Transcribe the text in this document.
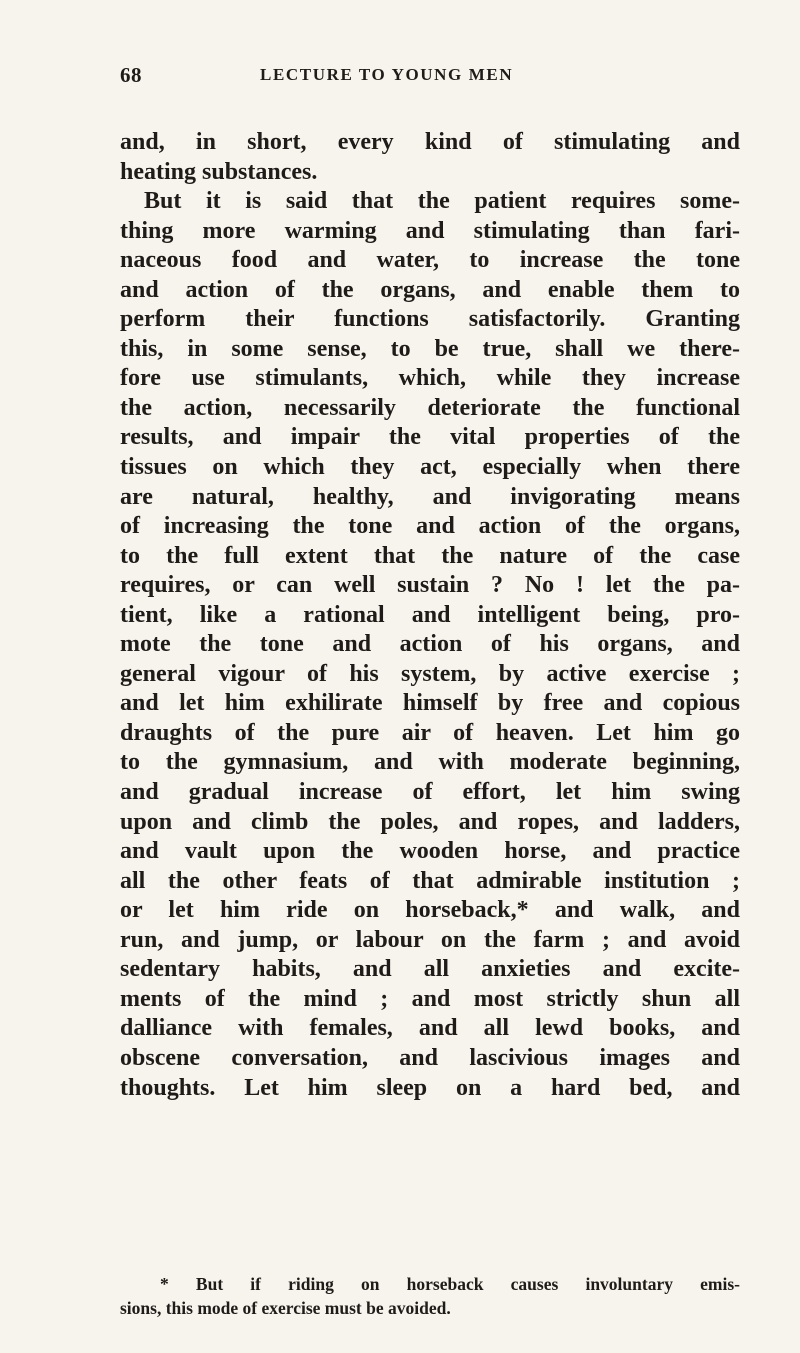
68	LECTURE TO YOUNG MEN
and, in short, every kind of stimulating and
heating substances.
But it is said that the patient requires some-
thing more warming and stimulating than fari-
naceous food and water, to increase the tone
and action of the organs, and enable them to
perform their functions satisfactorily. Granting
this, in some sense, to be true, shall we there-
fore use stimulants, which, while they increase
the action, necessarily deteriorate the functional
results, and impair the vital properties of the
tissues on which they act, especially when there
are natural, healthy, and invigorating means
of increasing the tone and action of the organs,
to the full extent that the nature of the case
requires, or can well sustain ? No ! let the pa-
tient, like a rational and intelligent being, pro-
mote the tone and action of his organs, and
general vigour of his system, by active exercise ;
and let him exhilirate himself by free and copious
draughts of the pure air of heaven. Let him go
to the gymnasium, and with moderate beginning,
and gradual increase of effort, let him swing
upon and climb the poles, and ropes, and ladders,
and vault upon the wooden horse, and practice
all the other feats of that admirable institution ;
or let him ride on horseback,* and walk, and
run, and jump, or labour on the farm ; and avoid
sedentary habits, and all anxieties and excite-
ments of the mind ; and most strictly shun all
dalliance with females, and all lewd books, and
obscene conversation, and lascivious images and
thoughts. Let him sleep on a hard bed, and
* But if riding on horseback causes involuntary emis-
sions, this mode of exercise must be avoided.
